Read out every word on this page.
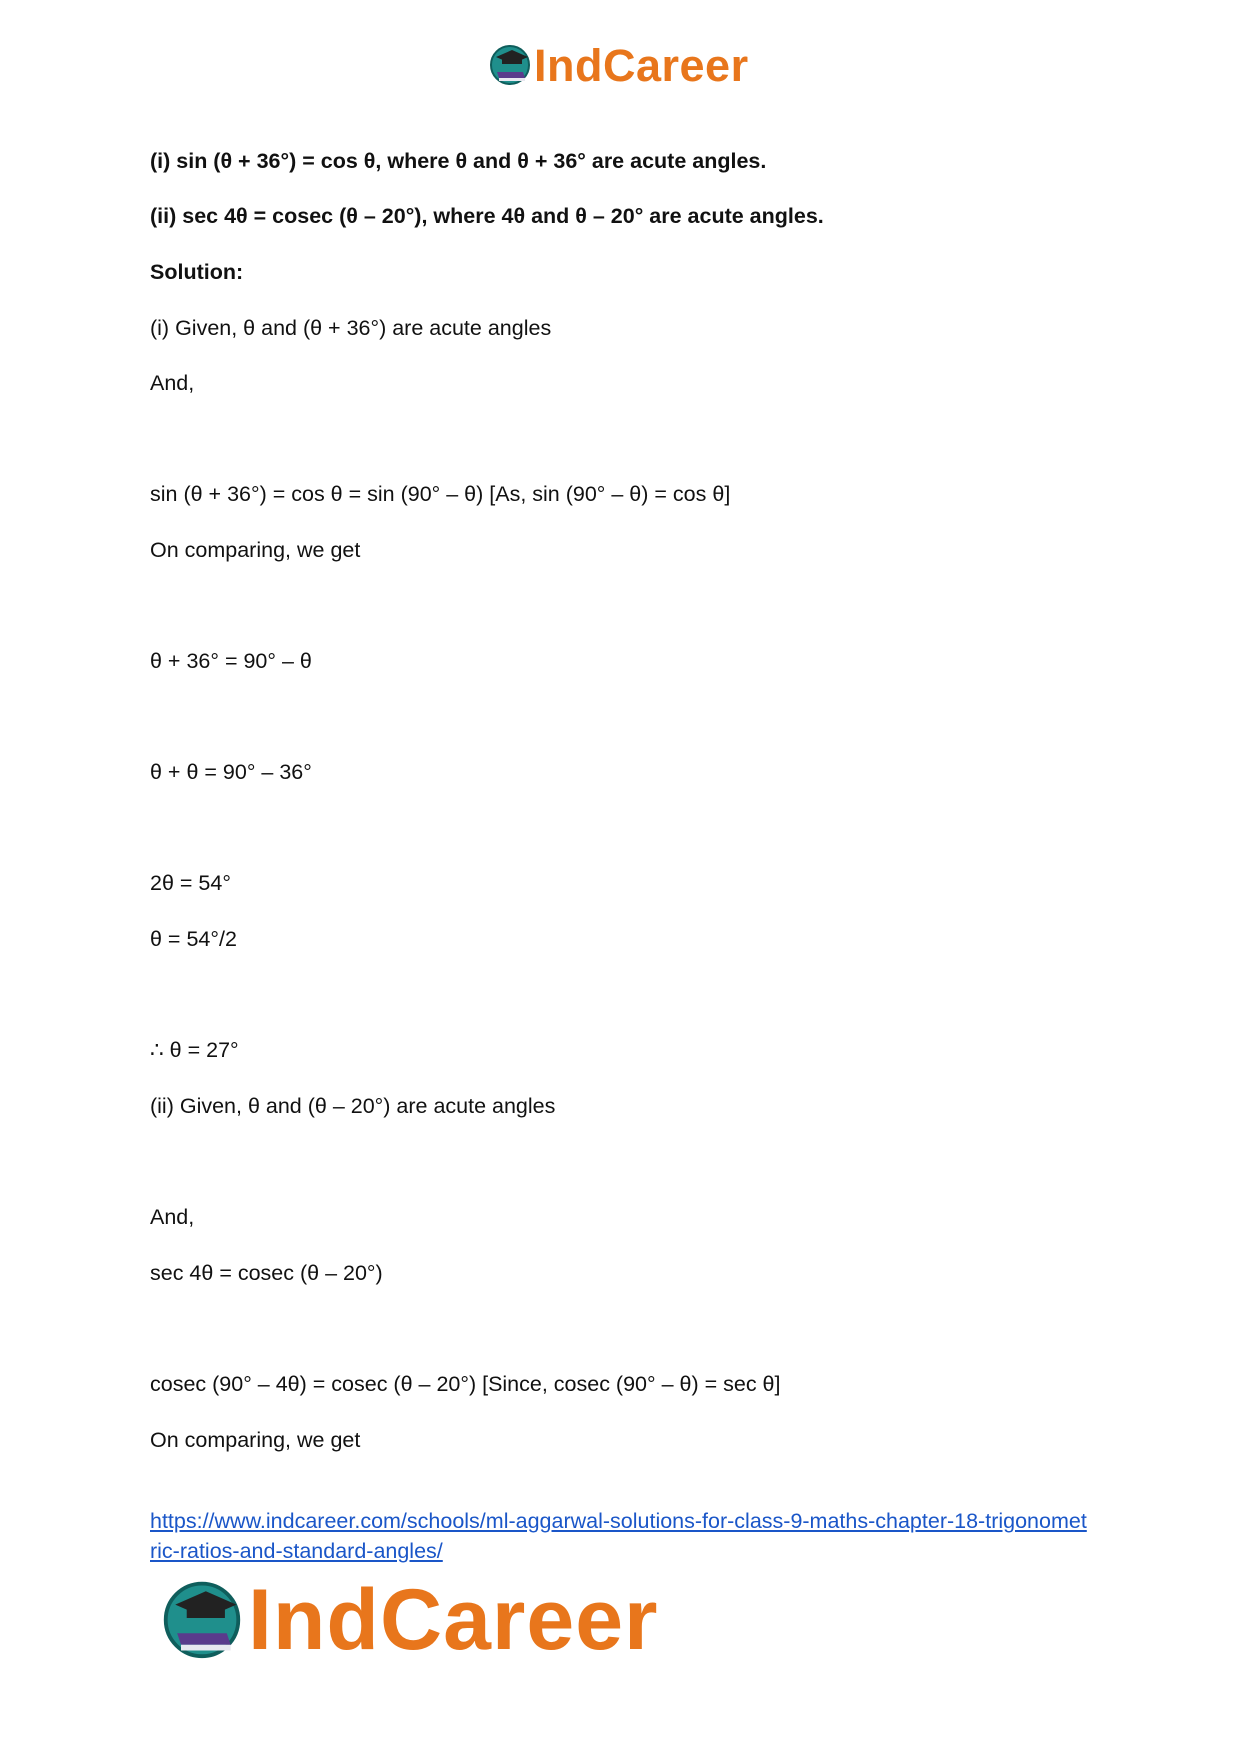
IndCareer
(i) sin (θ + 36°) = cos θ, where θ and θ + 36° are acute angles.
(ii) sec 4θ = cosec (θ – 20°), where 4θ and θ – 20° are acute angles.
Solution:
(i) Given, θ and (θ + 36°) are acute angles
And,
sin (θ + 36°) = cos θ = sin (90° – θ) [As, sin (90° – θ) = cos θ]
On comparing, we get
θ + 36° = 90° – θ
θ + θ = 90° – 36°
2θ = 54°
θ = 54°/2
∴ θ = 27°
(ii) Given, θ and (θ – 20°) are acute angles
And,
sec 4θ = cosec (θ – 20°)
cosec (90° – 4θ) = cosec (θ – 20°) [Since, cosec (90° – θ) = sec θ]
On comparing, we get
https://www.indcareer.com/schools/ml-aggarwal-solutions-for-class-9-maths-chapter-18-trigonometric-ratios-and-standard-angles/
IndCareer
